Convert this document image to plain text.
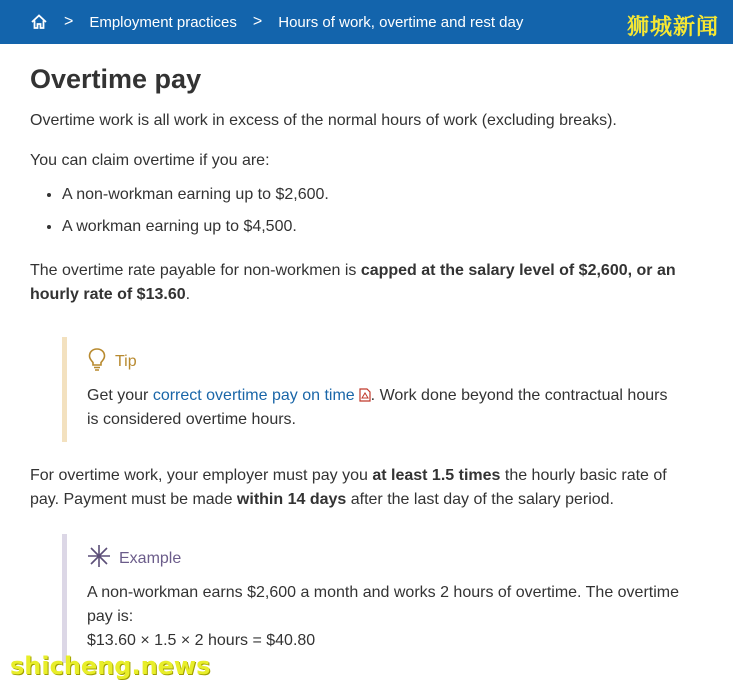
> Employment practices > Hours of work, overtime and rest day	狮城新闻
Overtime pay

Overtime work is all work in excess of the normal hours of work (excluding breaks).

You can claim overtime if you are:

• A non-workman earning up to $2,600.
• A workman earning up to $4,500.

The overtime rate payable for non-workmen is capped at the salary level of $2,600, or an hourly rate of $13.60.

Tip

Get your correct overtime pay on time . Work done beyond the contractual hours is considered overtime hours.

For overtime work, your employer must pay you at least 1.5 times the hourly basic rate of pay. Payment must be made within 14 days after the last day of the salary period.

Example

A non-workman earns $2,600 a month and works 2 hours of overtime. The overtime pay is:

$13.60 × 1.5 × 2 hours = $40.80

shicheng.news
